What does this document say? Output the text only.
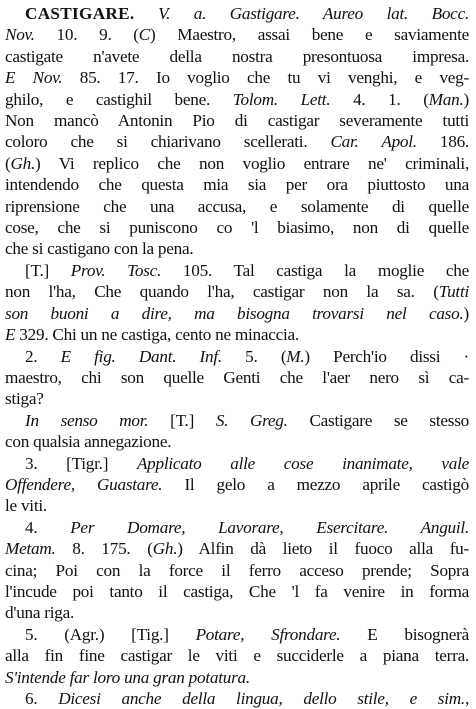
CASTIGARE. V. a. Gastigare. Aureo lat. Bocc.
Nov. 10. 9. (C) Maestro, assai bene e saviamente
castigate n'avete della nostra presontuosa impresa.
E Nov. 85. 17. Io voglio che tu vi venghi, e veg-
ghilo, e castighil bene. Tolom. Lett. 4. 1. (Man.)
Non mancò Antonin Pio di castigar severamente tutti
coloro che si chiarivano scellerati. Car. Apol. 186.
(Gh.) Vi replico che non voglio entrare ne' criminali,
intendendo che questa mia sia per ora piuttosto una
riprensione che una accusa, e solamente di quelle
cose, che si puniscono co 'l biasimo, non di quelle
che si castigano con la pena.
[T.] Prov. Tosc. 105. Tal castiga la moglie che
non l'ha, Che quando l'ha, castigar non la sa. (Tutti
son buoni a dire, ma bisogna trovarsi nel caso.)
E 329. Chi un ne castiga, cento ne minaccia.
2. E fig. Dant. Inf. 5. (M.) Perch'io dissi ·
maestro, chi son quelle Genti che l'aer nero sì ca-
stiga?
In senso mor. [T.] S. Greg. Castigare se stesso
con qualsia annegazione.
3. [Tigr.] Applicato alle cose inanimate, vale
Offendere, Guastare. Il gelo a mezzo aprile castigò
le viti.
4. Per Domare, Lavorare, Esercitare. Anguil.
Metam. 8. 175. (Gh.) Alfin dà lieto il fuoco alla fu-
cina; Poi con la force il ferro acceso prende; Sopra
l'incude poi tanto il castiga, Che 'l fa venire in forma
d'una riga.
5. (Agr.) [Tig.] Potare, Sfrondare. E bisognerà
alla fin fine castigar le viti e succiderle a piana terra.
S'intende far loro una gran potatura.
6. Dicesi anche della lingua, dello stile, e sim.,
